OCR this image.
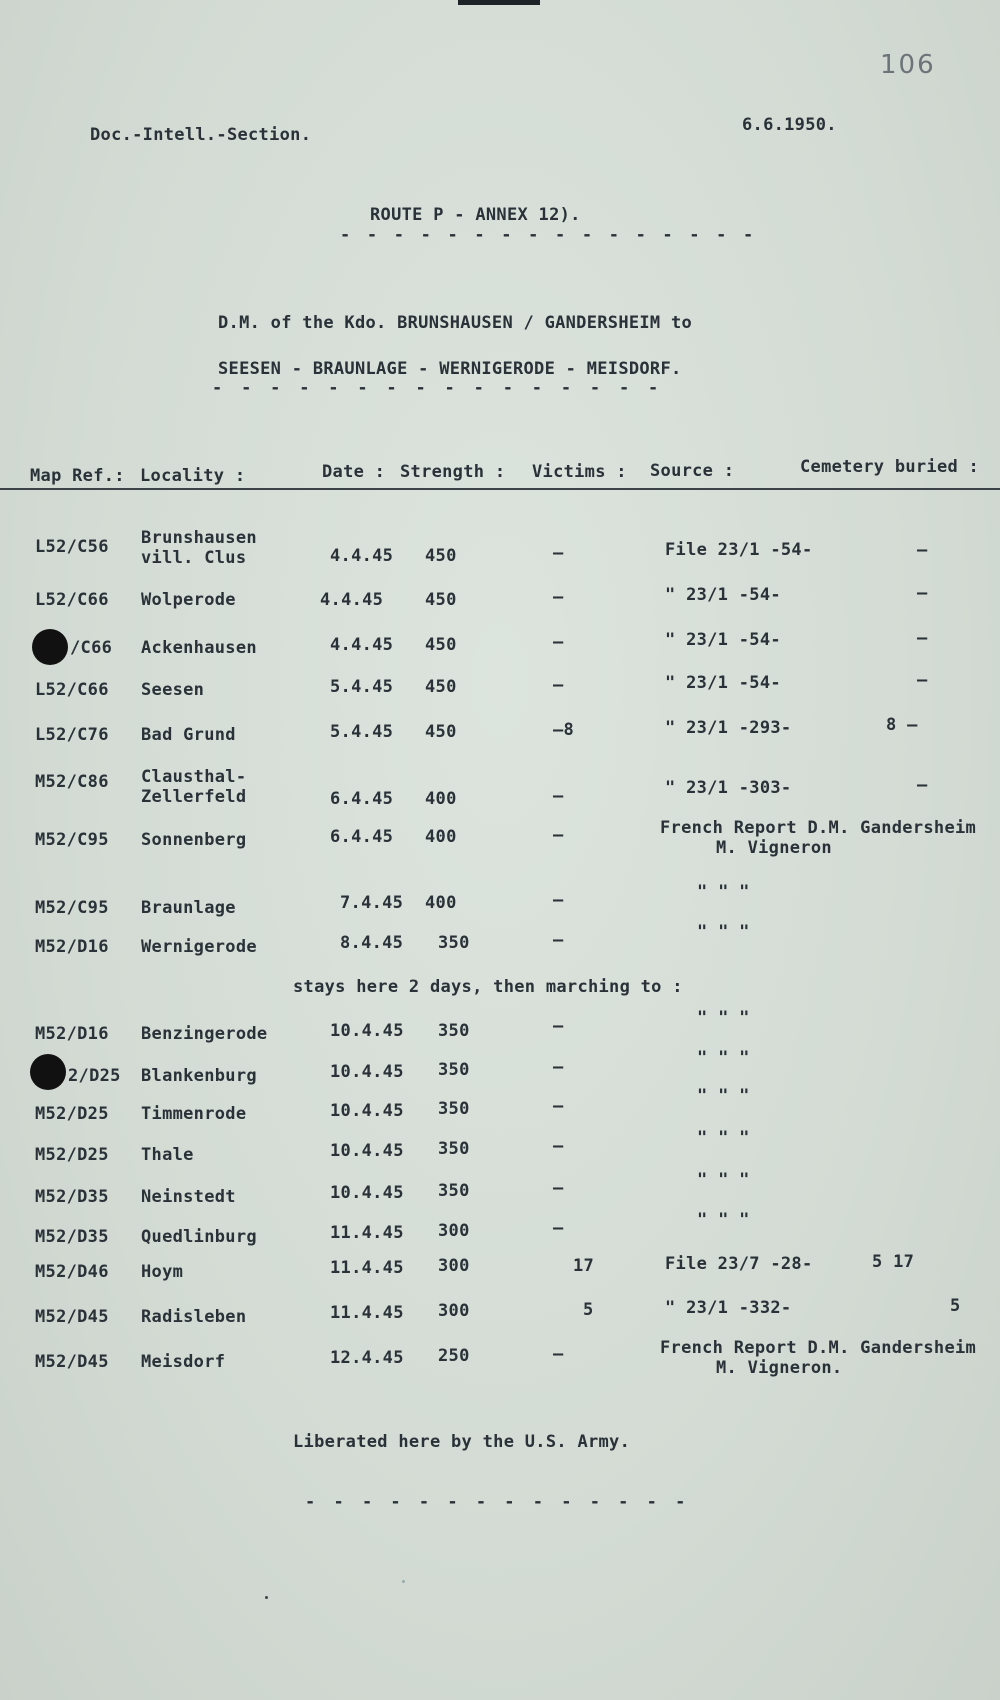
106
Doc.-Intell.-Section.	6.6.1950.
ROUTE P - ANNEX 12).
- - - - - - - - - - - - - - - -
D.M. of the Kdo. BRUNSHAUSEN / GANDERSHEIM to
SEESEN - BRAUNLAGE - WERNIGERODE - MEISDORF.
- - - - - - - - - - - - - - - -
Map Ref.: Locality :	Date : Strength : Victims : Source :	Cemetery buried :
L52/C56 Brunshausen
vill. Clus	4.4.45 450	—	File 23/1 -54-	—
L52/C66 Wolperode	4.4.45 450	—	" 23/1 -54-	—
/C66 Ackenhausen	4.4.45 450	—	" 23/1 -54-	—
L52/C66 Seesen	5.4.45 450	—	" 23/1 -54-	—
L52/C76 Bad Grund	5.4.45 450	—8	" 23/1 -293-	8 —
M52/C86 Clausthal-
Zellerfeld	6.4.45 400	—	" 23/1 -303-	—
M52/C95 Sonnenberg	6.4.45 400	—	French Report D.M. Gandersheim
M. Vigneron
M52/C95 Braunlage	7.4.45 400	—	" " "
M52/D16 Wernigerode	8.4.45 350	—	" " "
stays here 2 days, then marching to :
M52/D16 Benzingerode	10.4.45 350	—	" " "
2/D25 Blankenburg	10.4.45 350	—	" " "
M52/D25 Timmenrode	10.4.45 350	—	" " "
M52/D25 Thale	10.4.45 350	—	" " "
M52/D35 Neinstedt	10.4.45 350	—	" " "
M52/D35 Quedlinburg	11.4.45 300	—	" " "
M52/D46 Hoym	11.4.45 300	17	File 23/7 -28-	5 17
M52/D45 Radisleben	11.4.45 300	5	" 23/1 -332-	5
M52/D45 Meisdorf	12.4.45 250	—	French Report D.M. Gandersheim
M. Vigneron.
Liberated here by the U.S. Army.
- - - - - - - - - - - - - -
